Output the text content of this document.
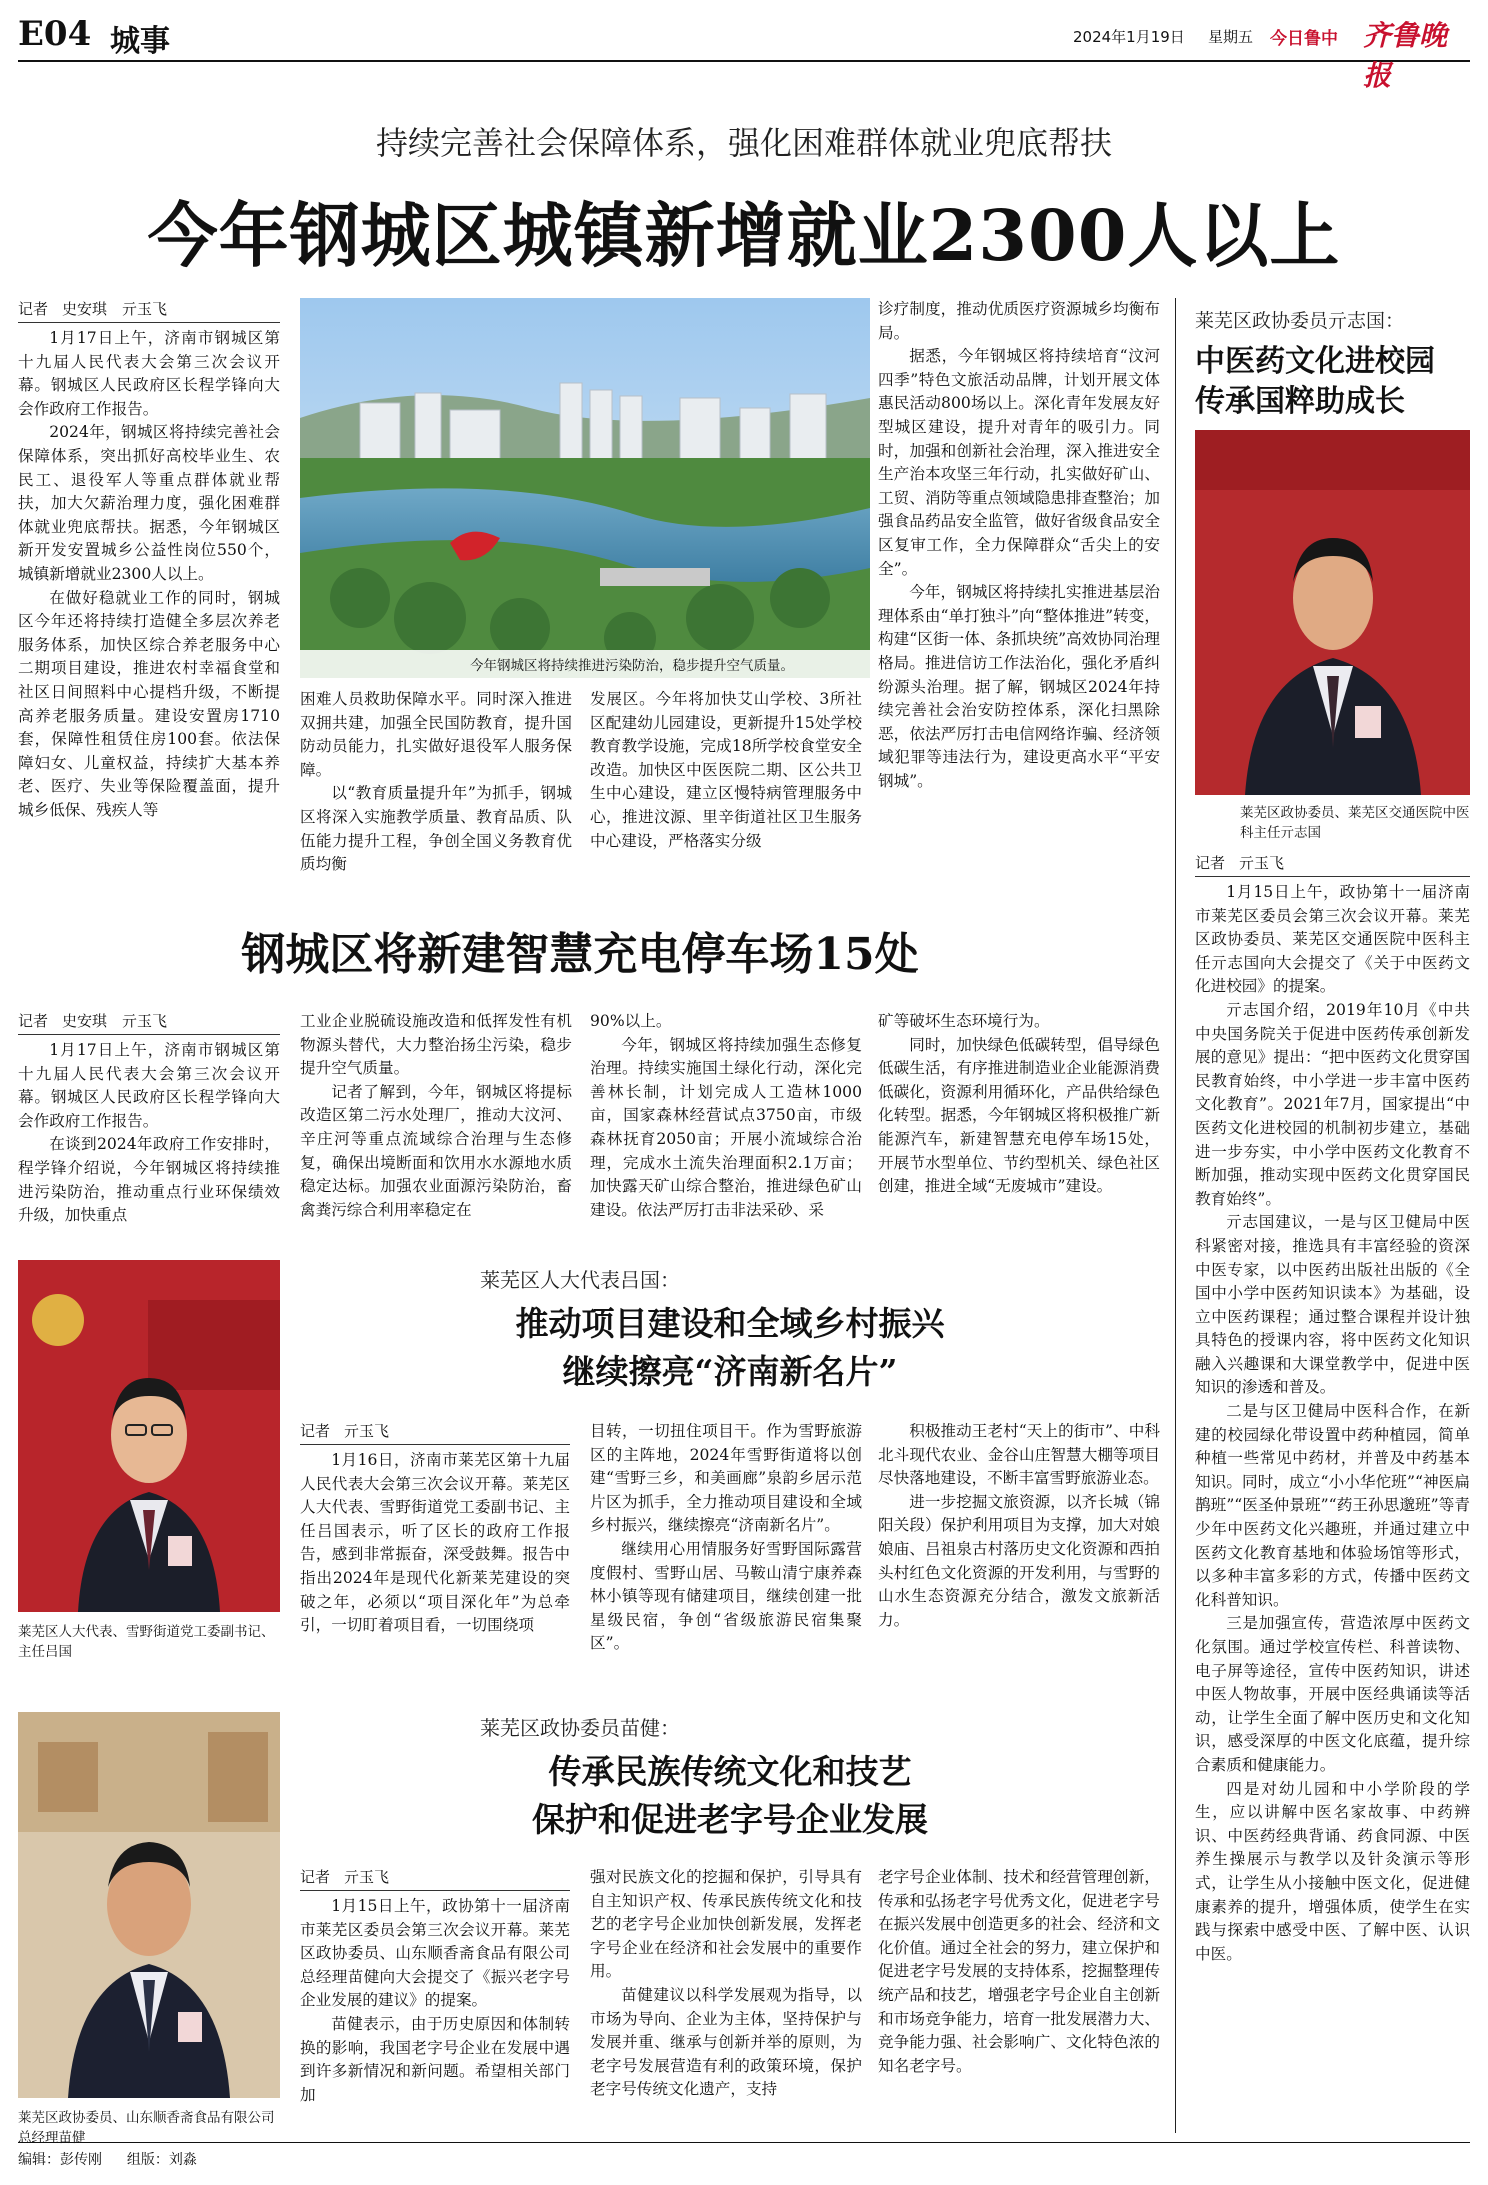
E04 城事	2024年1月19日 星期五 今日鲁中 齐鲁晚报
持续完善社会保障体系，强化困难群体就业兜底帮扶
今年钢城区城镇新增就业2300人以上
记者 史安琪　亓玉飞

1月17日上午，济南市钢城区第十九届人民代表大会第三次会议开幕。钢城区人民政府区长程学锋向大会作政府工作报告。

2024年，钢城区将持续完善社会保障体系，突出抓好高校毕业生、农民工、退役军人等重点群体就业帮扶，加大欠薪治理力度，强化困难群体就业兜底帮扶。据悉，今年钢城区新开发安置城乡公益性岗位550个，城镇新增就业2300人以上。

在做好稳就业工作的同时，钢城区今年还将持续打造健全多层次养老服务体系，加快区综合养老服务中心二期项目建设，推进农村幸福食堂和社区日间照料中心提档升级，不断提高养老服务质量。建设安置房1710套，保障性租赁住房100套。依法保障妇女、儿童权益，持续扩大基本养老、医疗、失业等保险覆盖面，提升城乡低保、残疾人等

今年钢城区将持续推进污染防治，稳步提升空气质量。

困难人员救助保障水平。同时深入推进双拥共建，加强全民国防教育，提升国防动员能力，扎实做好退役军人服务保障。

以“教育质量提升年”为抓手，钢城区将深入实施教学质量、教育品质、队伍能力提升工程，争创全国义务教育优质均衡

发展区。今年将加快艾山学校、3所社区配建幼儿园建设，更新提升15处学校教育教学设施，完成18所学校食堂安全改造。加快区中医医院二期、区公共卫生中心建设，建立区慢特病管理服务中心，推进汶源、里辛街道社区卫生服务中心建设，严格落实分级

诊疗制度，推动优质医疗资源城乡均衡布局。

据悉，今年钢城区将持续培育“汶河四季”特色文旅活动品牌，计划开展文体惠民活动800场以上。深化青年发展友好型城区建设，提升对青年的吸引力。同时，加强和创新社会治理，深入推进安全生产治本攻坚三年行动，扎实做好矿山、工贸、消防等重点领域隐患排查整治；加强食品药品安全监管，做好省级食品安全区复审工作，全力保障群众“舌尖上的安全”。

今年，钢城区将持续扎实推进基层治理体系由“单打独斗”向“整体推进”转变，构建“区街一体、条抓块统”高效协同治理格局。推进信访工作法治化，强化矛盾纠纷源头治理。据了解，钢城区2024年持续完善社会治安防控体系，深化扫黑除恶，依法严厉打击电信网络诈骗、经济领域犯罪等违法行为，建设更高水平“平安钢城”。

钢城区将新建智慧充电停车场15处
记者 史安琪　亓玉飞

1月17日上午，济南市钢城区第十九届人民代表大会第三次会议开幕。钢城区人民政府区长程学锋向大会作政府工作报告。

在谈到2024年政府工作安排时，程学锋介绍说，今年钢城区将持续推进污染防治，推动重点行业环保绩效升级，加快重点

工业企业脱硫设施改造和低挥发性有机物源头替代，大力整治扬尘污染，稳步提升空气质量。

记者了解到，今年，钢城区将提标改造区第二污水处理厂，推动大汶河、辛庄河等重点流域综合治理与生态修复，确保出境断面和饮用水水源地水质稳定达标。加强农业面源污染防治，畜禽粪污综合利用率稳定在

90%以上。

今年，钢城区将持续加强生态修复治理。持续实施国土绿化行动，深化完善林长制，计划完成人工造林1000亩，国家森林经营试点3750亩，市级森林抚育2050亩；开展小流域综合治理，完成水土流失治理面积2.1万亩；加快露天矿山综合整治，推进绿色矿山建设。依法严厉打击非法采砂、采

矿等破坏生态环境行为。

同时，加快绿色低碳转型，倡导绿色低碳生活，有序推进制造业企业能源消费低碳化，资源利用循环化，产品供给绿色化转型。据悉，今年钢城区将积极推广新能源汽车，新建智慧充电停车场15处，开展节水型单位、节约型机关、绿色社区创建，推进全域“无废城市”建设。

莱芜区人大代表、雪野街道党工委副书记、主任吕国
莱芜区人大代表吕国：
推动项目建设和全域乡村振兴
继续擦亮“济南新名片”
记者 亓玉飞

1月16日，济南市莱芜区第十九届人民代表大会第三次会议开幕。莱芜区人大代表、雪野街道党工委副书记、主任吕国表示，听了区长的政府工作报告，感到非常振奋，深受鼓舞。报告中指出2024年是现代化新莱芜建设的突破之年，必须以“项目深化年”为总牵引，一切盯着项目看，一切围绕项

目转，一切扭住项目干。作为雪野旅游区的主阵地，2024年雪野街道将以创建“雪野三乡，和美画廊”泉韵乡居示范片区为抓手，全力推动项目建设和全域乡村振兴，继续擦亮“济南新名片”。

继续用心用情服务好雪野国际露营度假村、雪野山居、马鞍山清宁康养森林小镇等现有储建项目，继续创建一批星级民宿，争创“省级旅游民宿集聚区”。

积极推动王老村“天上的街市”、中科北斗现代农业、金谷山庄智慧大棚等项目尽快落地建设，不断丰富雪野旅游业态。

进一步挖掘文旅资源，以齐长城（锦阳关段）保护利用项目为支撑，加大对娘娘庙、吕祖泉古村落历史文化资源和西拍头村红色文化资源的开发利用，与雪野的山水生态资源充分结合，激发文旅新活力。

莱芜区政协委员、山东顺香斋食品有限公司总经理苗健
莱芜区政协委员苗健：
传承民族传统文化和技艺
保护和促进老字号企业发展
记者 亓玉飞

1月15日上午，政协第十一届济南市莱芜区委员会第三次会议开幕。莱芜区政协委员、山东顺香斋食品有限公司总经理苗健向大会提交了《振兴老字号企业发展的建议》的提案。

苗健表示，由于历史原因和体制转换的影响，我国老字号企业在发展中遇到许多新情况和新问题。希望相关部门加

强对民族文化的挖掘和保护，引导具有自主知识产权、传承民族传统文化和技艺的老字号企业加快创新发展，发挥老字号企业在经济和社会发展中的重要作用。

苗健建议以科学发展观为指导，以市场为导向、企业为主体，坚持保护与发展并重、继承与创新并举的原则，为老字号发展营造有利的政策环境，保护老字号传统文化遗产，支持

老字号企业体制、技术和经营管理创新，传承和弘扬老字号优秀文化，促进老字号在振兴发展中创造更多的社会、经济和文化价值。通过全社会的努力，建立保护和促进老字号发展的支持体系，挖掘整理传统产品和技艺，增强老字号企业自主创新和市场竞争能力，培育一批发展潜力大、竞争能力强、社会影响广、文化特色浓的知名老字号。

莱芜区政协委员亓志国：
中医药文化进校园
传承国粹助成长
莱芜区政协委员、莱芜区交通医院中医科主任亓志国
记者 亓玉飞

1月15日上午，政协第十一届济南市莱芜区委员会第三次会议开幕。莱芜区政协委员、莱芜区交通医院中医科主任亓志国向大会提交了《关于中医药文化进校园》的提案。

亓志国介绍，2019年10月《中共中央国务院关于促进中医药传承创新发展的意见》提出：“把中医药文化贯穿国民教育始终，中小学进一步丰富中医药文化教育”。2021年7月，国家提出“中医药文化进校园的机制初步建立，基础进一步夯实，中小学中医药文化教育不断加强，推动实现中医药文化贯穿国民教育始终”。

亓志国建议，一是与区卫健局中医科紧密对接，推选具有丰富经验的资深中医专家，以中医药出版社出版的《全国中小学中医药知识读本》为基础，设立中医药课程；通过整合课程并设计独具特色的授课内容，将中医药文化知识融入兴趣课和大课堂教学中，促进中医知识的渗透和普及。

二是与区卫健局中医科合作，在新建的校园绿化带设置中药种植园，简单种植一些常见中药材，并普及中药基本知识。同时，成立“小小华佗班”“神医扁鹊班”“医圣仲景班”“药王孙思邈班”等青少年中医药文化兴趣班，并通过建立中医药文化教育基地和体验场馆等形式，以多种丰富多彩的方式，传播中医药文化科普知识。

三是加强宣传，营造浓厚中医药文化氛围。通过学校宣传栏、科普读物、电子屏等途径，宣传中医药知识，讲述中医人物故事，开展中医经典诵读等活动，让学生全面了解中医历史和文化知识，感受深厚的中医文化底蕴，提升综合素质和健康能力。

四是对幼儿园和中小学阶段的学生，应以讲解中医名家故事、中药辨识、中医药经典背诵、药食同源、中医养生操展示与教学以及针灸演示等形式，让学生从小接触中医文化，促进健康素养的提升，增强体质，使学生在实践与探索中感受中医、了解中医、认识中医。

编辑：彭传刚 组版：刘淼
